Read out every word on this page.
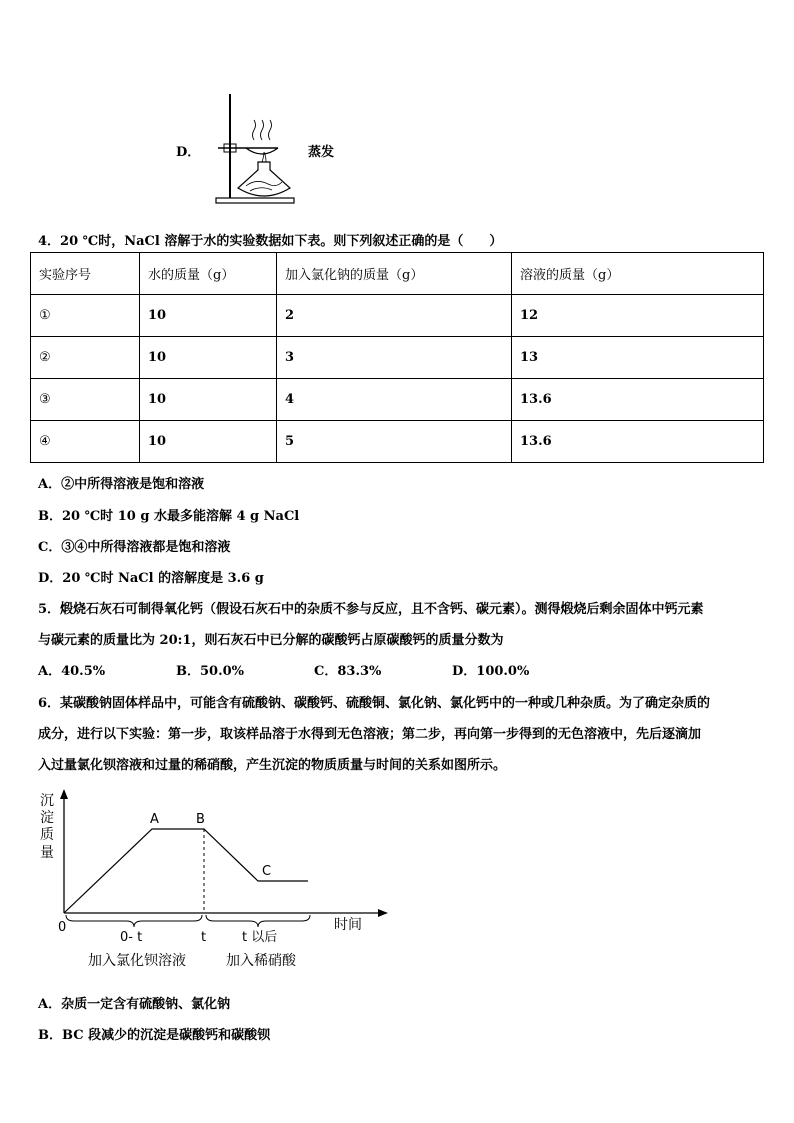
D．	蒸发
4．20 ℃时，NaCl 溶解于水的实验数据如下表。则下列叙述正确的是（　　）
实验序号	水的质量（g）	加入氯化钠的质量（g）	溶液的质量（g）
①	10	2	12
②	10	3	13
③	10	4	13.6
④	10	5	13.6
A．②中所得溶液是饱和溶液
B．20 ℃时 10 g 水最多能溶解 4 g NaCl
C．③④中所得溶液都是饱和溶液
D．20 ℃时 NaCl 的溶解度是 3.6 g
5．煅烧石灰石可制得氧化钙（假设石灰石中的杂质不参与反应，且不含钙、碳元素）。测得煅烧后剩余固体中钙元素
与碳元素的质量比为 20:1，则石灰石中已分解的碳酸钙占原碳酸钙的质量分数为
A．40.5%	B．50.0%	C．83.3%	D．100.0%
6．某碳酸钠固体样品中，可能含有硫酸钠、碳酸钙、硫酸铜、氯化钠、氯化钙中的一种或几种杂质。为了确定杂质的
成分，进行以下实验：第一步，取该样品溶于水得到无色溶液；第二步，再向第一步得到的无色溶液中，先后逐滴加
入过量氯化钡溶液和过量的稀硝酸，产生沉淀的物质质量与时间的关系如图所示。
沉
淀
质
量
A	B
C
时间
0
0- t	t	t 以后
加入氯化钡溶液	加入稀硝酸
A．杂质一定含有硫酸钠、氯化钠
B．BC 段减少的沉淀是碳酸钙和碳酸钡
